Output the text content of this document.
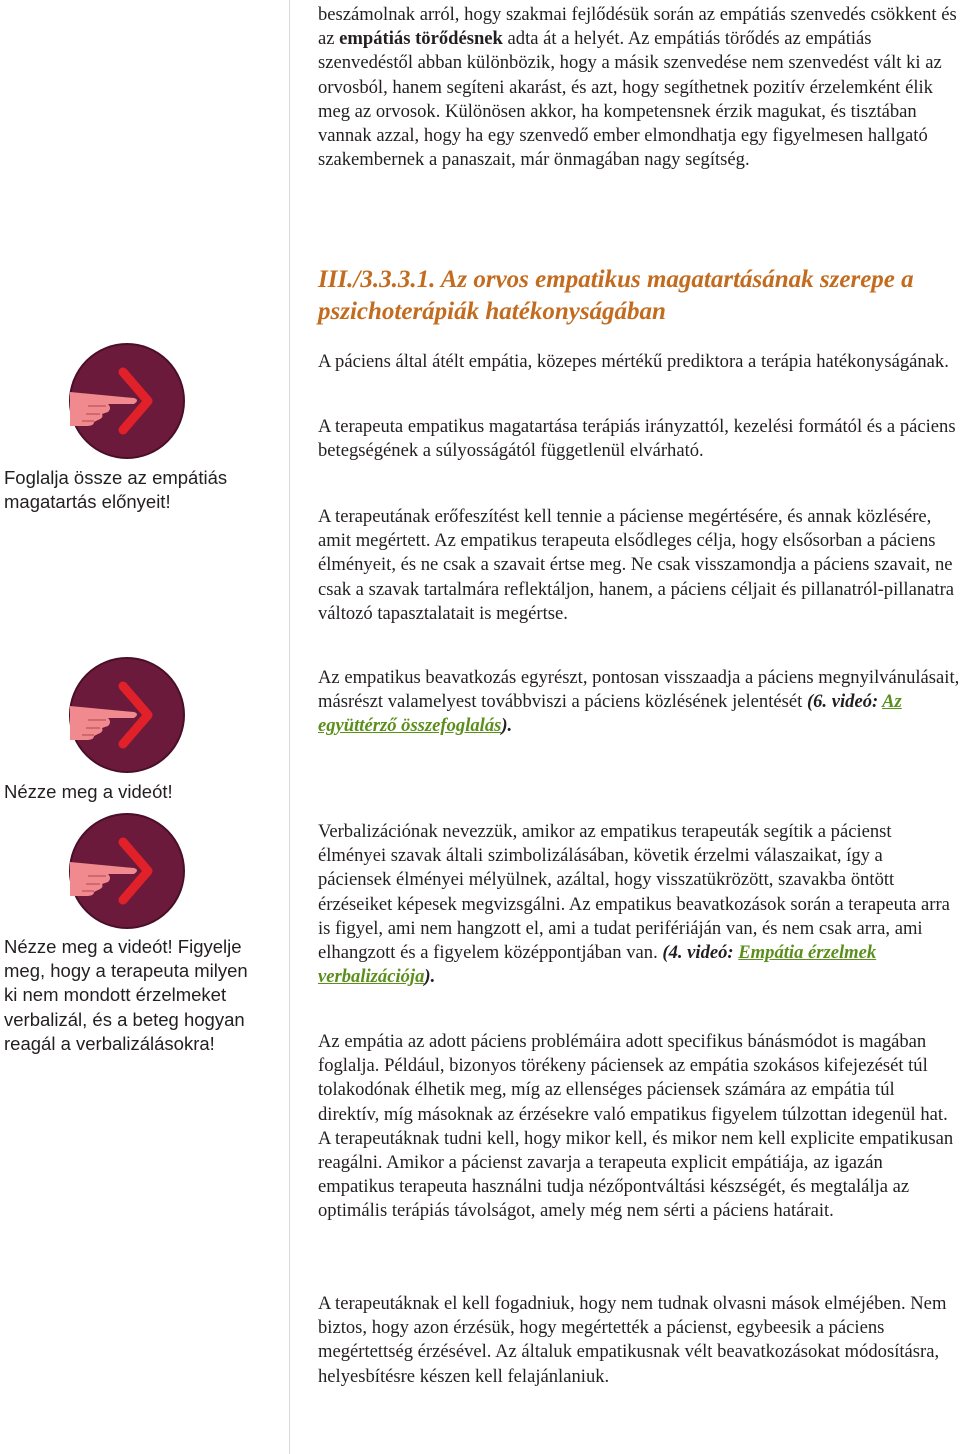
beszámolnak arról, hogy szakmai fejlődésük során az empátiás szenvedés csökkent és az empátiás törődésnek adta át a helyét. Az empátiás törődés az empátiás szenvedéstől abban különbözik, hogy a másik szenvedése nem szenvedést vált ki az orvosból, hanem segíteni akarást, és azt, hogy segíthetnek pozitív érzelemként élik meg az orvosok. Különösen akkor, ha kompetensnek érzik magukat, és tisztában vannak azzal, hogy ha egy szenvedő ember elmondhatja egy figyelmesen hallgató szakembernek a panaszait, már önmagában nagy segítség.

III./3.3.3.1. Az orvos empatikus magatartásának szerepe a pszichoterápiák hatékonyságában

A páciens által átélt empátia, közepes mértékű prediktora a terápia hatékonyságának.

A terapeuta empatikus magatartása terápiás irányzattól, kezelési formától és a páciens betegségének a súlyosságától függetlenül elvárható.

A terapeutának erőfeszítést kell tennie a páciense megértésére, és annak közlésére, amit megértett. Az empatikus terapeuta elsődleges célja, hogy elsősorban a páciens élményeit, és ne csak a szavait értse meg. Ne csak visszamondja a páciens szavait, ne csak a szavak tartalmára reflektáljon, hanem, a páciens céljait és pillanatról-pillanatra változó tapasztalatait is megértse.

Az empatikus beavatkozás egyrészt, pontosan visszaadja a páciens megnyilvánulásait, másrészt valamelyest továbbviszi a páciens közlésének jelentését (6. videó: Az együttérző összefoglalás).

Verbalizációnak nevezzük, amikor az empatikus terapeuták segítik a pácienst élményei szavak általi szimbolizálásában, követik érzelmi válaszaikat, így a páciensek élményei mélyülnek, azáltal, hogy visszatükrözött, szavakba öntött érzéseiket képesek megvizsgálni. Az empatikus beavatkozások során a terapeuta arra is figyel, ami nem hangzott el, ami a tudat perifériáján van, és nem csak arra, ami elhangzott és a figyelem középpontjában van. (4. videó: Empátia érzelmek verbalizációja).

Az empátia az adott páciens problémáira adott specifikus bánásmódot is magában foglalja. Például, bizonyos törékeny páciensek az empátia szokásos kifejezését túl tolakodónak élhetik meg, míg az ellenséges páciensek számára az empátia túl direktív, míg másoknak az érzésekre való empatikus figyelem túlzottan idegenül hat. A terapeutáknak tudni kell, hogy mikor kell, és mikor nem kell explicite empatikusan reagálni. Amikor a pácienst zavarja a terapeuta explicit empátiája, az igazán empatikus terapeuta használni tudja nézőpontváltási készségét, és megtalálja az optimális terápiás távolságot, amely még nem sérti a páciens határait.

A terapeutáknak el kell fogadniuk, hogy nem tudnak olvasni mások elméjében. Nem biztos, hogy azon érzésük, hogy megértették a pácienst, egybeesik a páciens megértettség érzésével. Az általuk empatikusnak vélt beavatkozásokat módosításra, helyesbítésre készen kell felajánlaniuk.

Foglalja össze az empátiás magatartás előnyeit!

Nézze meg a videót!

Nézze meg a videót! Figyelje meg, hogy a terapeuta milyen ki nem mondott érzelmeket verbalizál, és a beteg hogyan reagál a verbalizálásokra!
